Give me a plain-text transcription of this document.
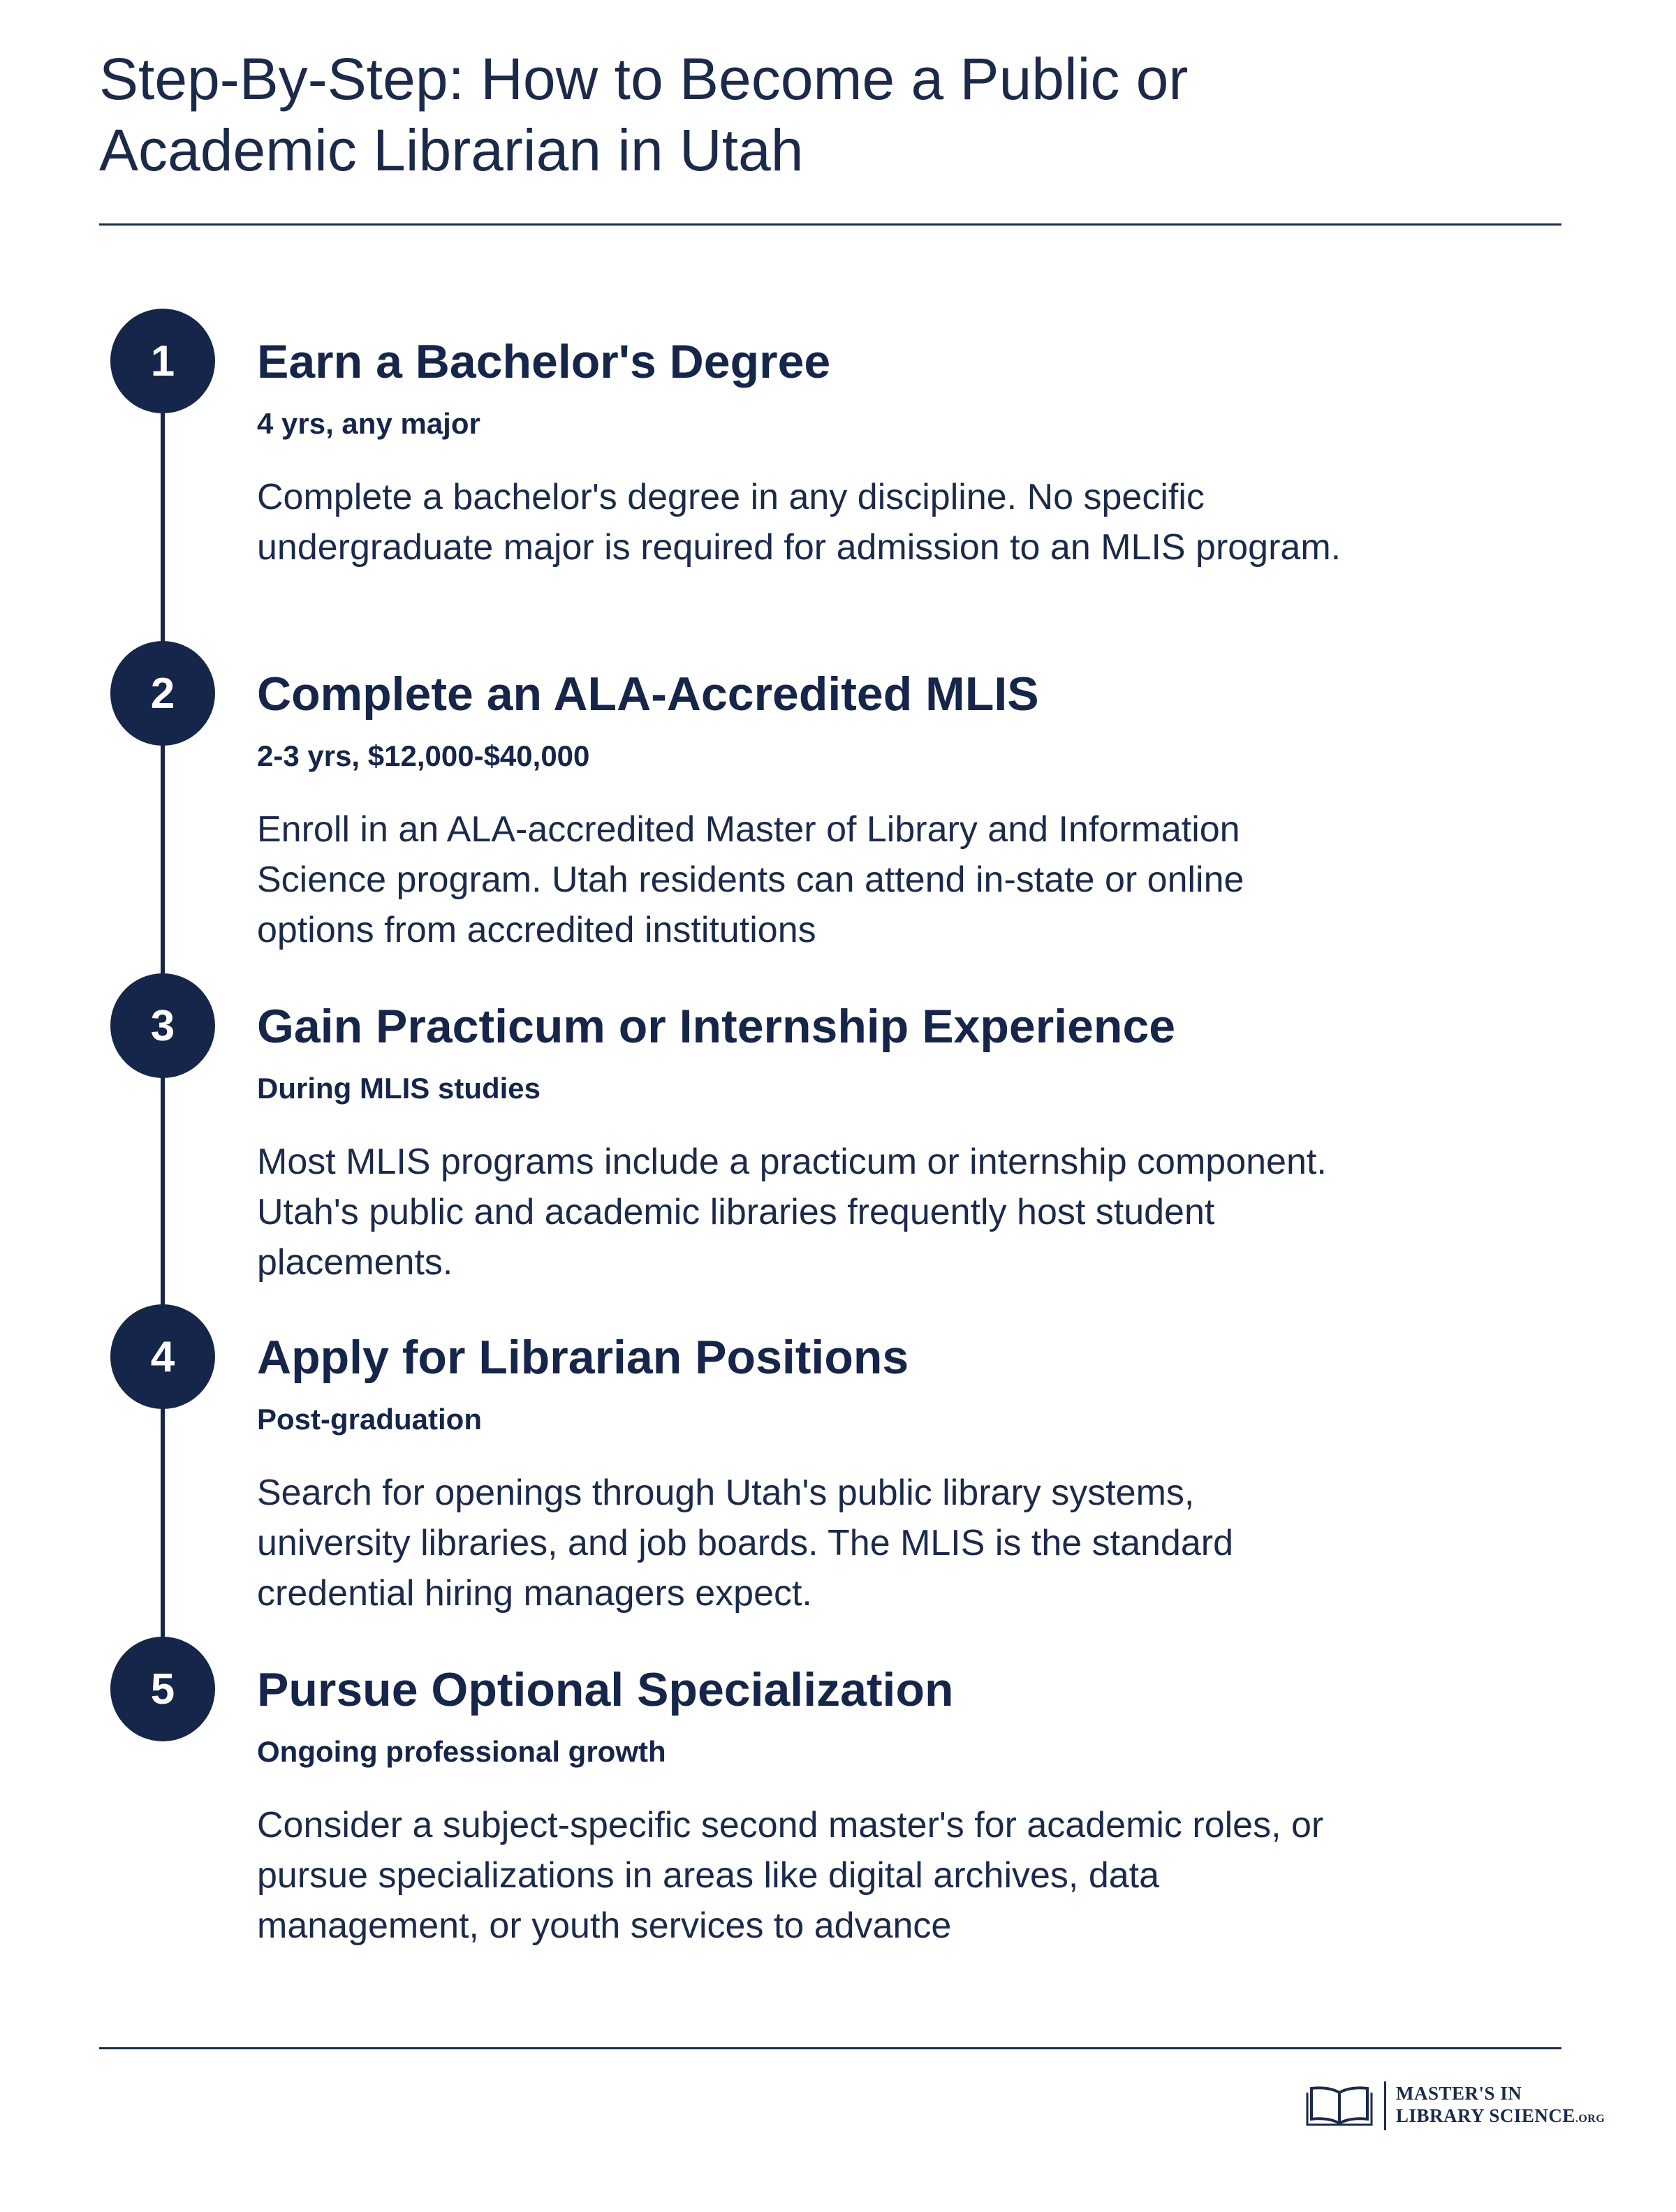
Step-By-Step: How to Become a Public or
Academic Librarian in Utah
1 Earn a Bachelor's Degree
4 yrs, any major
Complete a bachelor's degree in any discipline. No specific undergraduate major is required for admission to an MLIS program.
2 Complete an ALA-Accredited MLIS
2-3 yrs, $12,000-$40,000
Enroll in an ALA-accredited Master of Library and Information Science program. Utah residents can attend in-state or online options from accredited institutions
3 Gain Practicum or Internship Experience
During MLIS studies
Most MLIS programs include a practicum or internship component. Utah's public and academic libraries frequently host student placements.
4 Apply for Librarian Positions
Post-graduation
Search for openings through Utah's public library systems, university libraries, and job boards. The MLIS is the standard credential hiring managers expect.
5 Pursue Optional Specialization
Ongoing professional growth
Consider a subject-specific second master's for academic roles, or pursue specializations in areas like digital archives, data management, or youth services to advance
MASTER'S IN
LIBRARY SCIENCE.ORG
